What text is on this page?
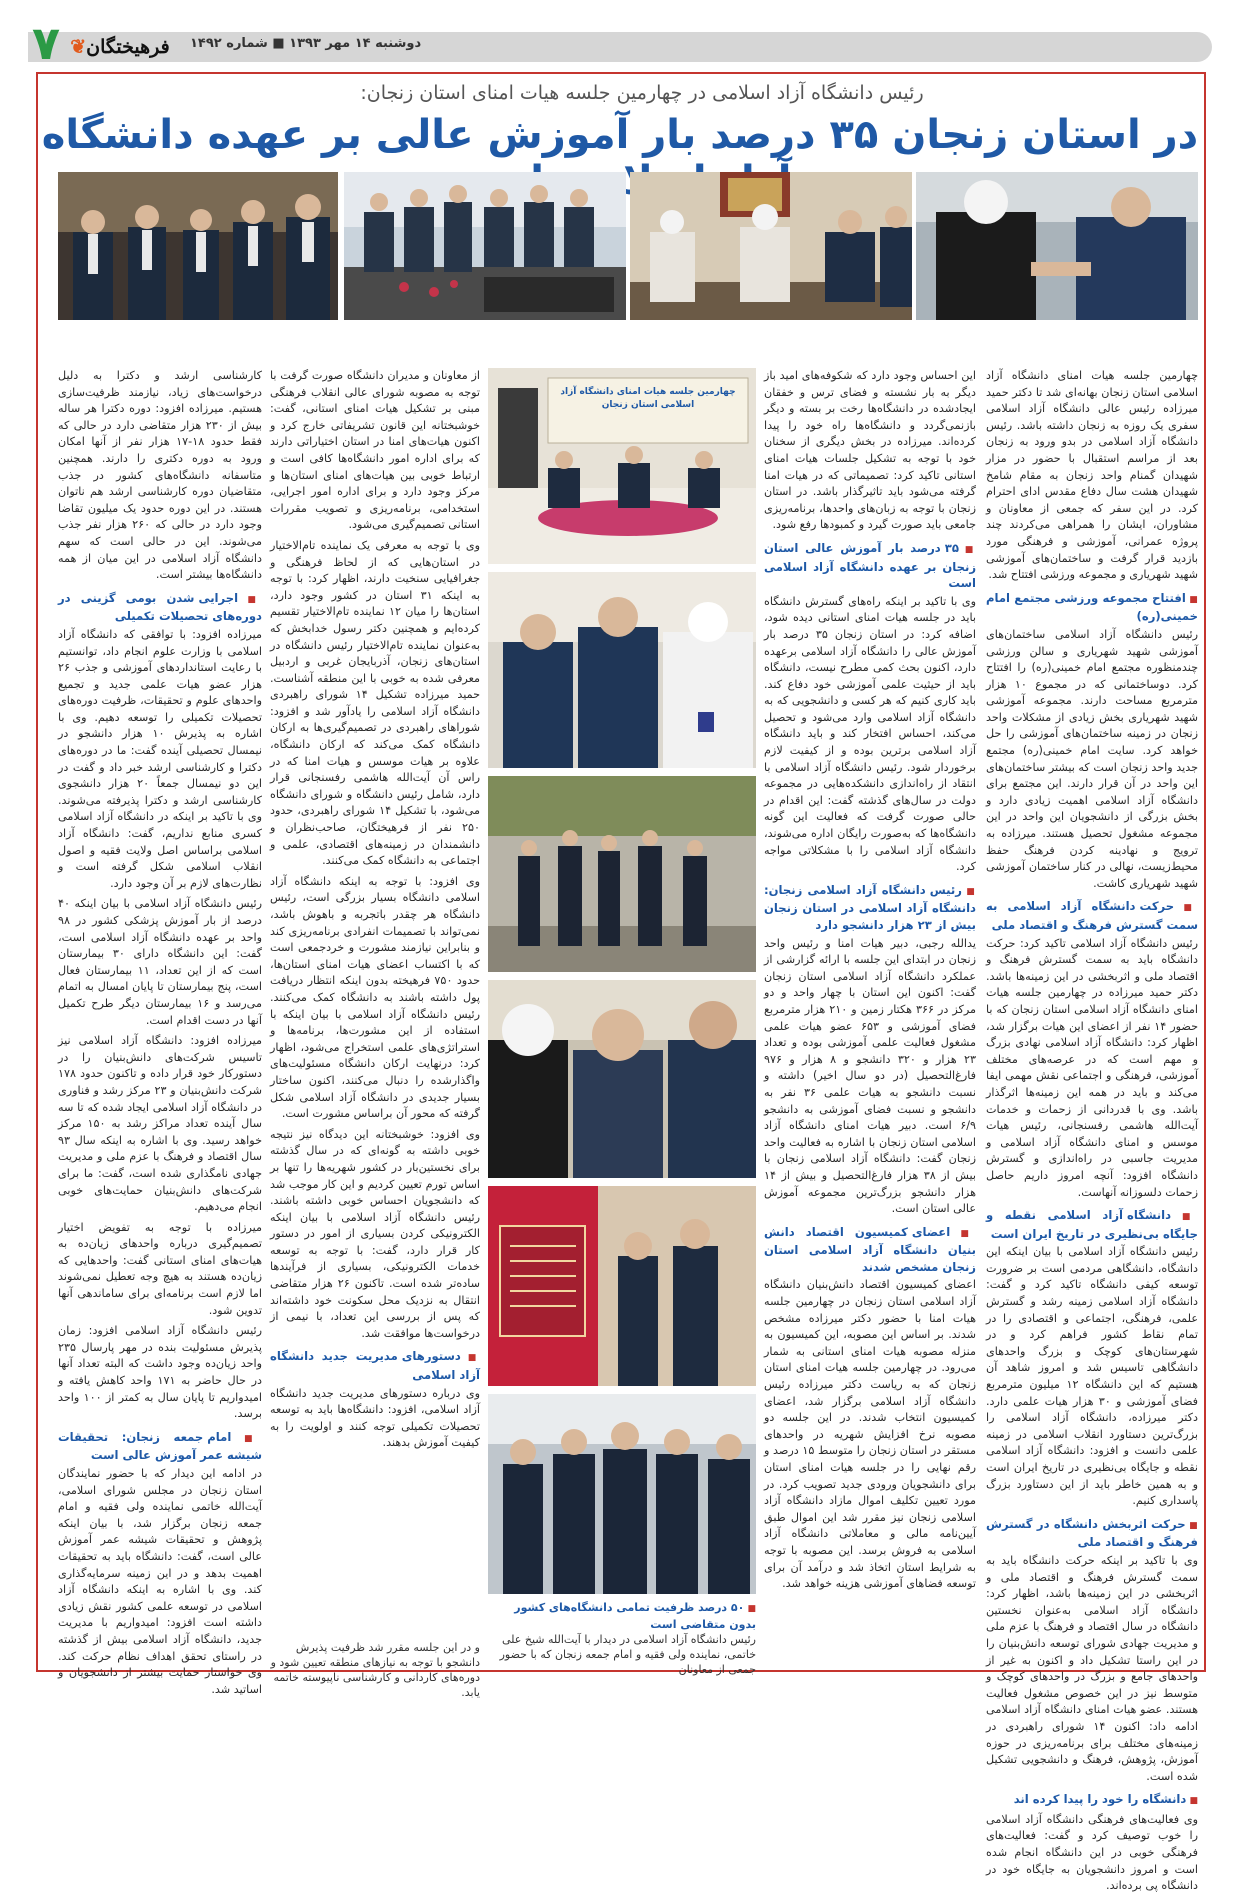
۷ ❦ فرهیختگان دوشنبه ۱۴ مهر ۱۳۹۳ ■ شماره ۱۴۹۲
رئیس دانشگاه آزاد اسلامی در چهارمین جلسه هیات امنای استان زنجان:
در استان زنجان ۳۵ درصد بار آموزش عالی بر عهده دانشگاه

چهارمین جلسه هیات امنای دانشگاه آزاد اسلامی استان زنجان بهانه‌ای شد تا دکتر حمید میرزاده رئیس عالی دانشگاه آزاد اسلامی سفری یک روزه به زنجان داشته باشد. رئیس دانشگاه آزاد اسلامی در بدو ورود به زنجان بعد از مراسم استقبال با حضور در مزار شهیدان گمنام واحد زنجان به مقام شامخ شهیدان هشت سال دفاع مقدس ادای احترام کرد. در این سفر که جمعی از معاونان و مشاوران، ایشان را همراهی می‌کردند چند پروژه عمرانی، آموزشی و فرهنگی مورد بازدید قرار گرفت و ساختمان‌های آموزشی شهید شهریاری و مجموعه ورزشی افتتاح شد.

■ افتتاح مجموعه ورزشی مجتمع امام خمینی(ره)

رئیس دانشگاه آزاد اسلامی ساختمان‌های آموزشی شهید شهریاری و سالن ورزشی چندمنظوره مجتمع امام خمینی(ره) را افتتاح کرد. دوساختمانی که در مجموع ۱۰ هزار مترمربع مساحت دارند. مجموعه آموزشی شهید شهریاری بخش زیادی از مشکلات واحد زنجان در زمینه ساختمان‌های آموزشی را حل خواهد کرد. سایت امام خمینی(ره) مجتمع جدید واحد زنجان است که بیشتر ساختمان‌های این واحد در آن قرار دارند. این مجتمع برای دانشگاه آزاد اسلامی اهمیت زیادی دارد و بخش بزرگی از دانشجویان این واحد در این مجموعه مشغول تحصیل هستند. میرزاده به ترویج و نهادینه کردن فرهنگ حفظ محیط‌زیست، نهالی در کنار ساختمان آموزشی شهید شهریاری کاشت.

■ حرکت دانشگاه آزاد اسلامی به سمت گسترش فرهنگ و اقتصاد ملی

رئیس دانشگاه آزاد اسلامی تاکید کرد: حرکت دانشگاه باید به سمت گسترش فرهنگ و اقتصاد ملی و اثربخشی در این زمینه‌ها باشد. دکتر حمید میرزاده در چهارمین جلسه هیات امنای دانشگاه آزاد اسلامی استان زنجان که با حضور ۱۴ نفر از اعضای این هیات برگزار شد، اظهار کرد: دانشگاه آزاد اسلامی نهادی بزرگ و مهم است که در عرصه‌های مختلف آموزشی، فرهنگی و اجتماعی نقش مهمی ایفا می‌کند و باید در همه این زمینه‌ها اثرگذار باشد. وی با قدردانی از زحمات و خدمات آیت‌الله هاشمی رفسنجانی، رئیس هیات موسس و امنای دانشگاه آزاد اسلامی و مدیریت جاسبی در راه‌اندازی و گسترش دانشگاه افزود: آنچه امروز داریم حاصل زحمات دلسوزانه آنهاست.

■ دانشگاه آزاد اسلامی نقطه و جایگاه بی‌نظیری در تاریخ ایران است

رئیس دانشگاه آزاد اسلامی با بیان اینکه این دانشگاه، دانشگاهی مردمی است بر ضرورت توسعه کیفی دانشگاه تاکید کرد و گفت: دانشگاه آزاد اسلامی زمینه رشد و گسترش علمی، فرهنگی، اجتماعی و اقتصادی را در تمام نقاط کشور فراهم کرد و در شهرستان‌های کوچک و بزرگ واحدهای دانشگاهی تاسیس شد و امروز شاهد آن هستیم که این دانشگاه ۱۲ میلیون مترمربع فضای آموزشی و ۳۰ هزار هیات علمی دارد. دکتر میرزاده، دانشگاه آزاد اسلامی را بزرگ‌ترین دستاورد انقلاب اسلامی در زمینه علمی دانست و افزود: دانشگاه آزاد اسلامی نقطه و جایگاه بی‌نظیری در تاریخ ایران است و به همین خاطر باید از این دستاورد بزرگ پاسداری کنیم.

■ حرکت اثربخش دانشگاه در گسترش فرهنگ و اقتصاد ملی

وی با تاکید بر اینکه حرکت دانشگاه باید به سمت گسترش فرهنگ و اقتصاد ملی و اثربخشی در این زمینه‌ها باشد، اظهار کرد: دانشگاه آزاد اسلامی به‌عنوان نخستین دانشگاه در سال اقتصاد و فرهنگ با عزم ملی و مدیریت جهادی شورای توسعه دانش‌بنیان را در این راستا تشکیل داد و اکنون به غیر از واحدهای جامع و بزرگ در واحدهای کوچک و متوسط نیز در این خصوص مشغول فعالیت هستند. عضو هیات امنای دانشگاه آزاد اسلامی ادامه داد: اکنون ۱۴ شورای راهبردی در زمینه‌های مختلف برای برنامه‌ریزی در حوزه آموزش، پژوهش، فرهنگ و دانشجویی تشکیل شده است.

■ دانشگاه را خود را پیدا کرده اند

وی فعالیت‌های فرهنگی دانشگاه آزاد اسلامی را خوب توصیف کرد و گفت: فعالیت‌های فرهنگی خوبی در این دانشگاه انجام شده است و امروز دانشجویان به جایگاه خود در دانشگاه پی برده‌اند.

این احساس وجود دارد که شکوفه‌های امید باز دیگر به بار نشسته و فضای ترس و خفقان ایجادشده در دانشگاه‌ها رخت بر بسته و دیگر بازنمی‌گردد و دانشگاه‌ها راه خود را پیدا کرده‌اند. میرزاده در بخش دیگری از سخنان خود با توجه به تشکیل جلسات هیات امنای استانی تاکید کرد: تصمیماتی که در هیات امنا گرفته می‌شود باید تاثیرگذار باشد. در استان زنجان با توجه به زبان‌های واحدها، برنامه‌ریزی جامعی باید صورت گیرد و کمبودها رفع شود.

■ ۳۵ درصد بار آموزش عالی استان زنجان بر عهده دانشگاه آزاد اسلامی است

وی با تاکید بر اینکه راه‌های گسترش دانشگاه باید در جلسه هیات امنای استانی دیده شود، اضافه کرد: در استان زنجان ۳۵ درصد بار آموزش عالی را دانشگاه آزاد اسلامی برعهده دارد، اکنون بحث کمی مطرح نیست، دانشگاه باید از حیثیت علمی آموزشی خود دفاع کند. باید کاری کنیم که هر کسی و دانشجویی که به دانشگاه آزاد اسلامی وارد می‌شود و تحصیل می‌کند، احساس افتخار کند و باید دانشگاه آزاد اسلامی برترین بوده و از کیفیت لازم برخوردار شود. رئیس دانشگاه آزاد اسلامی با انتقاد از راه‌اندازی دانشکده‌هایی در مجموعه دولت در سال‌های گذشته گفت: این اقدام در حالی صورت گرفت که فعالیت این گونه دانشگاه‌ها که به‌صورت رایگان اداره می‌شوند، دانشگاه آزاد اسلامی را با مشکلاتی مواجه کرد.

■ رئیس دانشگاه آزاد اسلامی زنجان: دانشگاه آزاد اسلامی در استان زنجان بیش از ۲۳ هزار دانشجو دارد

یدالله رجبی، دبیر هیات امنا و رئیس واحد زنجان در ابتدای این جلسه با ارائه گزارشی از عملکرد دانشگاه آزاد اسلامی استان زنجان گفت: اکنون این استان با چهار واحد و دو مرکز در ۳۶۶ هکتار زمین و ۲۱۰ هزار مترمربع فضای آموزشی و ۶۵۳ عضو هیات علمی مشغول فعالیت علمی آموزشی بوده و تعداد ۲۳ هزار و ۳۲۰ دانشجو و ۸ هزار و ۹۷۶ فارغ‌التحصیل (در دو سال اخیر) داشته و نسبت دانشجو به هیات علمی ۳۶ نفر به دانشجو و نسبت فضای آموزشی به دانشجو ۶/۹ است. دبیر هیات امنای دانشگاه آزاد اسلامی استان زنجان با اشاره به فعالیت واحد زنجان گفت: دانشگاه آزاد اسلامی زنجان با بیش از ۳۸ هزار فارغ‌التحصیل و بیش از ۱۴ هزار دانشجو بزرگ‌ترین مجموعه آموزش عالی استان است.

■ اعضای کمیسیون اقتصاد دانش بنیان دانشگاه آزاد اسلامی استان زنجان مشخص شدند

اعضای کمیسیون اقتصاد دانش‌بنیان دانشگاه آزاد اسلامی استان زنجان در چهارمین جلسه هیات امنا با حضور دکتر میرزاده مشخص شدند. بر اساس این مصوبه، این کمیسیون به منزله مصوبه هیات امنای استانی به شمار می‌رود. در چهارمین جلسه هیات امنای استان زنجان که به ریاست دکتر میرزاده رئیس دانشگاه آزاد اسلامی برگزار شد، اعضای کمیسیون انتخاب شدند. در این جلسه دو مصوبه نرخ افزایش شهریه در واحدهای مستقر در استان زنجان را متوسط ۱۵ درصد و رقم نهایی را در جلسه هیات امنای استان برای دانشجویان ورودی جدید تصویب کرد. در مورد تعیین تکلیف اموال مازاد دانشگاه آزاد اسلامی زنجان نیز مقرر شد این اموال طبق آیین‌نامه مالی و معاملاتی دانشگاه آزاد اسلامی به فروش برسد. این مصوبه با توجه به شرایط استان اتخاذ شد و درآمد آن برای توسعه فضاهای آموزشی هزینه خواهد شد.

از معاونان و مدیران دانشگاه صورت گرفت با توجه به مصوبه شورای عالی انقلاب فرهنگی مبنی بر تشکیل هیات امنای استانی، گفت: خوشبختانه این قانون تشریفاتی خارج کرد و اکنون هیات‌های امنا در استان اختیاراتی دارند که برای اداره امور دانشگاه‌ها کافی است و ارتباط خوبی بین هیات‌های امنای استان‌ها و مرکز وجود دارد و برای اداره امور اجرایی، استخدامی، برنامه‌ریزی و تصویب مقررات استانی تصمیم‌گیری می‌شود.

وی با توجه به معرفی یک نماینده تام‌الاختیار در استان‌هایی که از لحاظ فرهنگی و جغرافیایی سنخیت دارند، اظهار کرد: با توجه به اینکه ۳۱ استان در کشور وجود دارد، استان‌ها را میان ۱۲ نماینده تام‌الاختیار تقسیم کرده‌ایم و همچنین دکتر رسول خدابخش که به‌عنوان نماینده تام‌الاختیار رئیس دانشگاه در استان‌های زنجان، آذربایجان غربی و اردبیل معرفی شده به خوبی با این منطقه آشناست. حمید میرزاده تشکیل ۱۴ شورای راهبردی دانشگاه آزاد اسلامی را یادآور شد و افزود: شوراهای راهبردی در تصمیم‌گیری‌ها به ارکان دانشگاه کمک می‌کند که ارکان دانشگاه، علاوه بر هیات موسس و هیات امنا که در راس آن آیت‌الله هاشمی رفسنجانی قرار دارد، شامل رئیس دانشگاه و شورای دانشگاه می‌شود، با تشکیل ۱۴ شورای راهبردی، حدود ۲۵۰ نفر از فرهیختگان، صاحب‌نظران و دانشمندان در زمینه‌های اقتصادی، علمی و اجتماعی به دانشگاه کمک می‌کنند.

وی افزود: با توجه به اینکه دانشگاه آزاد اسلامی دانشگاه بسیار بزرگی است، رئیس دانشگاه هر چقدر باتجربه و باهوش باشد، نمی‌تواند با تصمیمات انفرادی برنامه‌ریزی کند و بنابراین نیازمند مشورت و خردجمعی است که با اکتساب اعضای هیات امنای استان‌ها، حدود ۷۵۰ فرهیخته بدون اینکه انتظار دریافت پول داشته باشند به دانشگاه کمک می‌کنند. رئیس دانشگاه آزاد اسلامی با بیان اینکه با استفاده از این مشورت‌ها، برنامه‌ها و استراتژی‌های علمی استخراج می‌شود، اظهار کرد: درنهایت ارکان دانشگاه مسئولیت‌های واگذارشده را دنبال می‌کنند، اکنون ساختار بسیار جدیدی در دانشگاه آزاد اسلامی شکل گرفته که محور آن براساس مشورت است.

وی افزود: خوشبختانه این دیدگاه نیز نتیجه خوبی داشته به گونه‌ای که در سال گذشته برای نخستین‌بار در کشور شهریه‌ها را تنها بر اساس تورم تعیین کردیم و این کار موجب شد که دانشجویان احساس خوبی داشته باشند. رئیس دانشگاه آزاد اسلامی با بیان اینکه الکترونیکی کردن بسیاری از امور در دستور کار قرار دارد، گفت: با توجه به توسعه خدمات الکترونیکی، بسیاری از فرآیندها ساده‌تر شده است. تاکنون ۲۶ هزار متقاضی انتقال به نزدیک محل سکونت خود داشته‌اند که پس از بررسی این تعداد، با نیمی از درخواست‌ها موافقت شد.

■ دستورهای مدیریت جدید دانشگاه آزاد اسلامی

وی درباره دستورهای مدیریت جدید دانشگاه آزاد اسلامی، افزود: دانشگاه‌ها باید به توسعه تحصیلات تکمیلی توجه کنند و اولویت را به کیفیت آموزش بدهند.

کارشناسی ارشد و دکترا به دلیل درخواست‌های زیاد، نیازمند ظرفیت‌سازی هستیم. میرزاده افزود: دوره دکترا هر ساله بیش از ۲۳۰ هزار متقاضی دارد در حالی که فقط حدود ۱۸-۱۷ هزار نفر از آنها امکان ورود به دوره دکتری را دارند. همچنین متاسفانه دانشگاه‌های کشور در جذب متقاضیان دوره کارشناسی ارشد هم ناتوان هستند. در این دوره حدود یک میلیون تقاضا وجود دارد در حالی که ۲۶۰ هزار نفر جذب می‌شوند. این در حالی است که سهم دانشگاه آزاد اسلامی در این میان از همه دانشگاه‌ها بیشتر است.

■ اجرایی شدن بومی گزینی در دوره‌های تحصیلات تکمیلی

میرزاده افزود: با توافقی که دانشگاه آزاد اسلامی با وزارت علوم انجام داد، توانستیم با رعایت استانداردهای آموزشی و جذب ۲۶ هزار عضو هیات علمی جدید و تجمیع واحدهای علوم و تحقیقات، ظرفیت دوره‌های تحصیلات تکمیلی را توسعه دهیم. وی با اشاره به پذیرش ۱۰ هزار دانشجو در نیمسال تحصیلی آینده گفت: ما در دوره‌های دکترا و کارشناسی ارشد خبر داد و گفت در این دو نیمسال جمعاً ۲۰ هزار دانشجوی کارشناسی ارشد و دکترا پذیرفته می‌شوند. وی با تاکید بر اینکه در دانشگاه آزاد اسلامی کسری منابع نداریم، گفت: دانشگاه آزاد اسلامی براساس اصل ولایت فقیه و اصول انقلاب اسلامی شکل گرفته است و نظارت‌های لازم بر آن وجود دارد.

رئیس دانشگاه آزاد اسلامی با بیان اینکه ۴۰ درصد از بار آموزش پزشکی کشور در ۹۸ واحد بر عهده دانشگاه آزاد اسلامی است، گفت: این دانشگاه دارای ۳۰ بیمارستان است که از این تعداد، ۱۱ بیمارستان فعال است، پنج بیمارستان تا پایان امسال به اتمام می‌رسد و ۱۶ بیمارستان دیگر طرح تکمیل آنها در دست اقدام است.

میرزاده افزود: دانشگاه آزاد اسلامی نیز تاسیس شرکت‌های دانش‌بنیان را در دستورکار خود قرار داده و تاکنون حدود ۱۷۸ شرکت دانش‌بنیان و ۲۳ مرکز رشد و فناوری در دانشگاه آزاد اسلامی ایجاد شده که تا سه سال آینده تعداد مراکز رشد به ۱۵۰ مرکز خواهد رسید. وی با اشاره به اینکه سال ۹۳ سال اقتصاد و فرهنگ با عزم ملی و مدیریت جهادی نامگذاری شده است، گفت: ما برای شرکت‌های دانش‌بنیان حمایت‌های خوبی انجام می‌دهیم.

میرزاده با توجه به تفویض اختیار تصمیم‌گیری درباره واحدهای زیان‌ده به هیات‌های امنای استانی گفت: واحدهایی که زیان‌ده هستند به هیچ وجه تعطیل نمی‌شوند اما لازم است برنامه‌ای برای ساماندهی آنها تدوین شود.

رئیس دانشگاه آزاد اسلامی افزود: زمان پذیرش مسئولیت بنده در مهر پارسال ۲۳۵ واحد زیان‌ده وجود داشت که البته تعداد آنها در حال حاضر به ۱۷۱ واحد کاهش یافته و امیدواریم تا پایان سال به کمتر از ۱۰۰ واحد برسد.

■ امام جمعه زنجان: تحقیقات شیشه عمر آموزش عالی است

در ادامه این دیدار که با حضور نمایندگان استان زنجان در مجلس شورای اسلامی، آیت‌الله خاتمی نماینده ولی فقیه و امام جمعه زنجان برگزار شد، با بیان اینکه پژوهش و تحقیقات شیشه عمر آموزش عالی است، گفت: دانشگاه باید به تحقیقات اهمیت بدهد و در این زمینه سرمایه‌گذاری کند. وی با اشاره به اینکه دانشگاه آزاد اسلامی در توسعه علمی کشور نقش زیادی داشته است افزود: امیدواریم با مدیریت جدید، دانشگاه آزاد اسلامی بیش از گذشته در راستای تحقق اهداف نظام حرکت کند. وی خواستار حمایت بیشتر از دانشجویان و اساتید شد.

چهارمین جلسه هیات امنای دانشگاه آزاد اسلامی استان زنجان
■ ۵۰ درصد ظرفیت تمامی دانشگاه‌های کشور بدون متقاضی است
رئیس دانشگاه آزاد اسلامی در دیدار با آیت‌الله شیخ علی خاتمی، نماینده ولی فقیه و امام جمعه زنجان که با حضور جمعی از معاونان
و در این جلسه مقرر شد ظرفیت پذیرش دانشجو با توجه به نیازهای منطقه تعیین شود و دوره‌های کاردانی و کارشناسی ناپیوسته خاتمه یابد.
